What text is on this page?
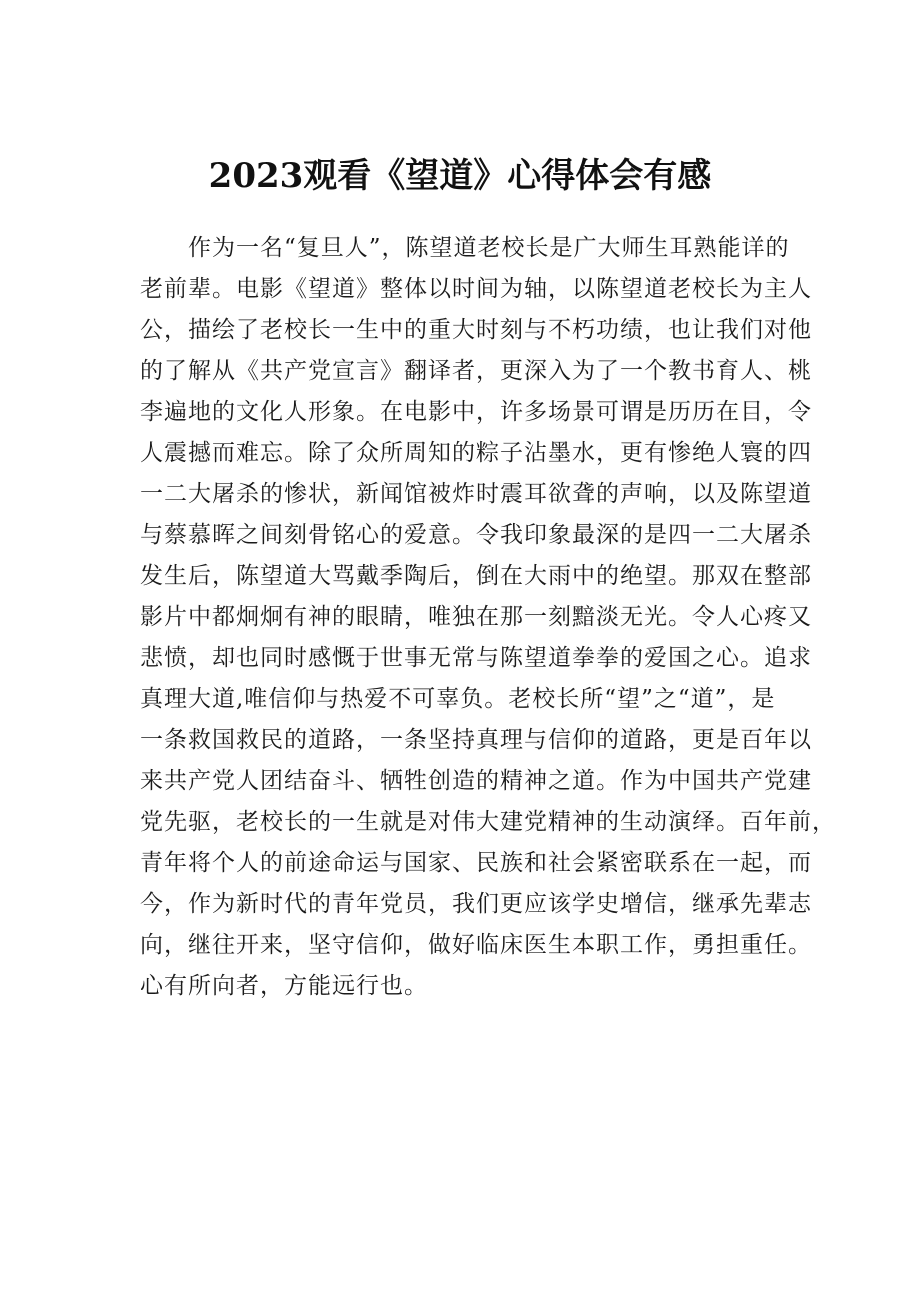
2023观看《望道》心得体会有感
作为一名“复旦人”，陈望道老校长是广大师生耳熟能详的
老前辈。电影《望道》整体以时间为轴，以陈望道老校长为主人
公，描绘了老校长一生中的重大时刻与不朽功绩，也让我们对他
的了解从《共产党宣言》翻译者，更深入为了一个教书育人、桃
李遍地的文化人形象。在电影中，许多场景可谓是历历在目，令
人震撼而难忘。除了众所周知的粽子沾墨水，更有惨绝人寰的四
一二大屠杀的惨状，新闻馆被炸时震耳欲聋的声响，以及陈望道
与蔡慕晖之间刻骨铭心的爱意。令我印象最深的是四一二大屠杀
发生后，陈望道大骂戴季陶后，倒在大雨中的绝望。那双在整部
影片中都炯炯有神的眼睛，唯独在那一刻黯淡无光。令人心疼又
悲愤，却也同时感慨于世事无常与陈望道拳拳的爱国之心。追求
真理大道,唯信仰与热爱不可辜负。老校长所“望”之“道”，是
一条救国救民的道路，一条坚持真理与信仰的道路，更是百年以
来共产党人团结奋斗、牺牲创造的精神之道。作为中国共产党建
党先驱，老校长的一生就是对伟大建党精神的生动演绎。百年前，
青年将个人的前途命运与国家、民族和社会紧密联系在一起，而
今，作为新时代的青年党员，我们更应该学史增信，继承先辈志
向，继往开来，坚守信仰，做好临床医生本职工作，勇担重任。
心有所向者，方能远行也。
